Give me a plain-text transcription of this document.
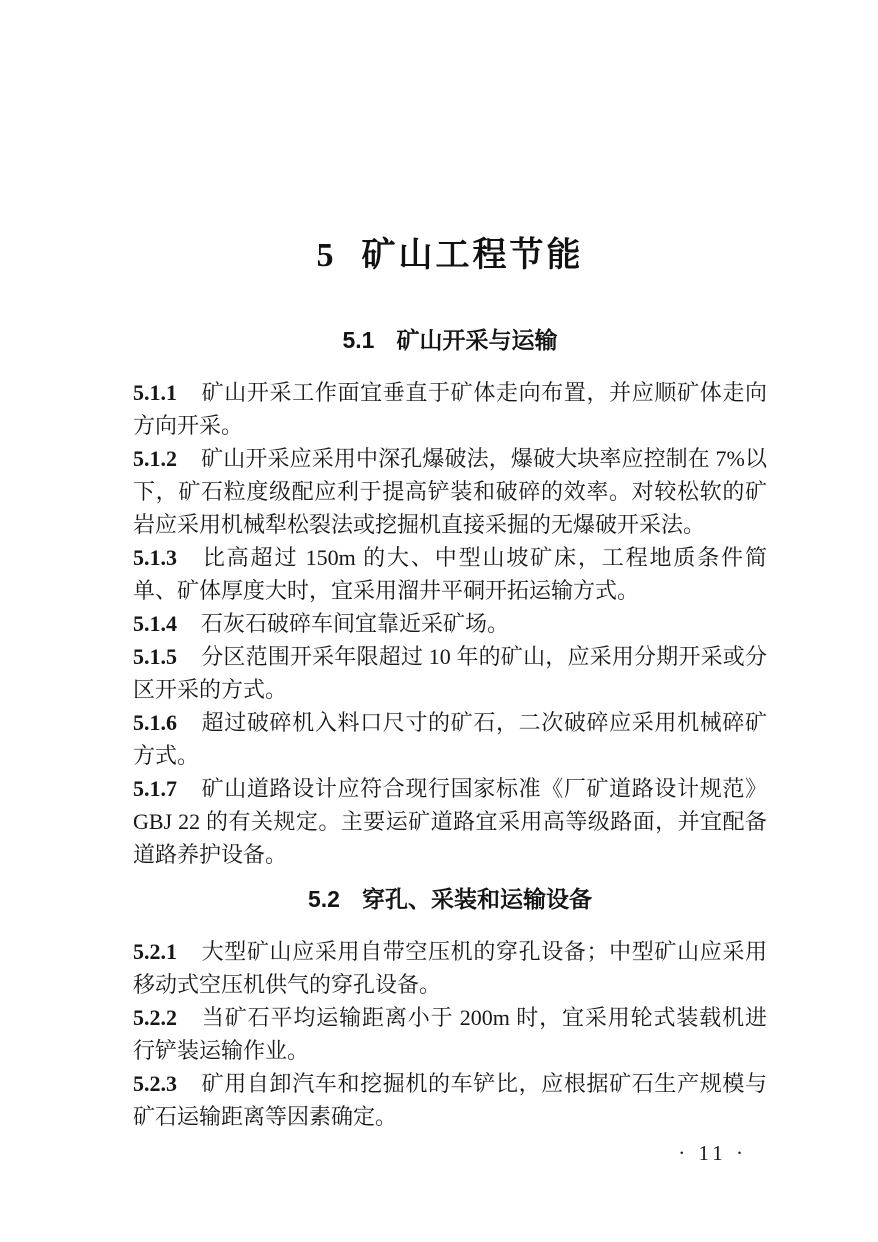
5 矿山工程节能
5.1 矿山开采与运输

5.1.1 矿山开采工作面宜垂直于矿体走向布置，并应顺矿体走向方向开采。

5.1.2 矿山开采应采用中深孔爆破法，爆破大块率应控制在 7%以下，矿石粒度级配应利于提高铲装和破碎的效率。对较松软的矿岩应采用机械犁松裂法或挖掘机直接采掘的无爆破开采法。

5.1.3 比高超过 150m 的大、中型山坡矿床，工程地质条件简单、矿体厚度大时，宜采用溜井平硐开拓运输方式。

5.1.4 石灰石破碎车间宜靠近采矿场。

5.1.5 分区范围开采年限超过 10 年的矿山，应采用分期开采或分区开采的方式。

5.1.6 超过破碎机入料口尺寸的矿石，二次破碎应采用机械碎矿方式。

5.1.7 矿山道路设计应符合现行国家标准《厂矿道路设计规范》GBJ 22 的有关规定。主要运矿道路宜采用高等级路面，并宜配备道路养护设备。

5.2 穿孔、采装和运输设备

5.2.1 大型矿山应采用自带空压机的穿孔设备；中型矿山应采用移动式空压机供气的穿孔设备。

5.2.2 当矿石平均运输距离小于 200m 时，宜采用轮式装载机进行铲装运输作业。

5.2.3 矿用自卸汽车和挖掘机的车铲比，应根据矿石生产规模与矿石运输距离等因素确定。

· 11 ·
